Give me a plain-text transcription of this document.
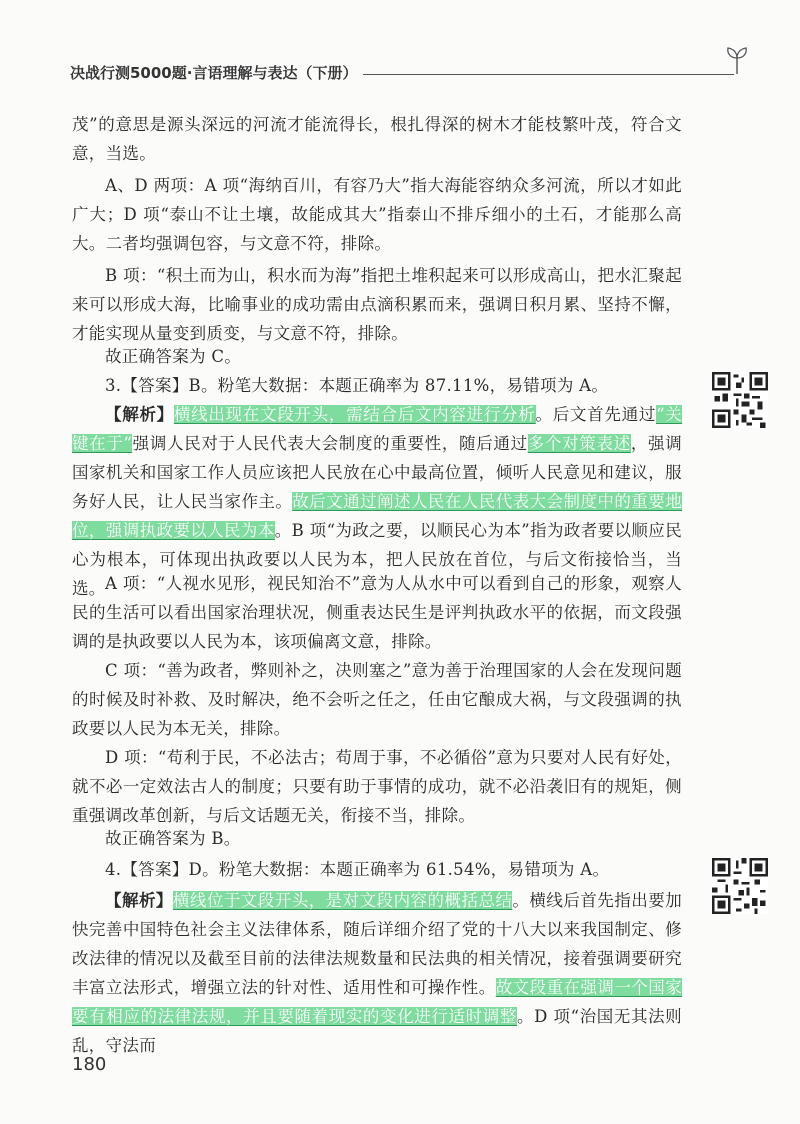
决战行测5000题·言语理解与表达（下册）

茂”的意思是源头深远的河流才能流得长，根扎得深的树木才能枝繁叶茂，符合文意，当选。

A、D 两项：A 项“海纳百川，有容乃大”指大海能容纳众多河流，所以才如此广大；D 项“泰山不让土壤，故能成其大”指泰山不排斥细小的土石，才能那么高大。二者均强调包容，与文意不符，排除。

B 项：“积土而为山，积水而为海”指把土堆积起来可以形成高山，把水汇聚起来可以形成大海，比喻事业的成功需由点滴积累而来，强调日积月累、坚持不懈，才能实现从量变到质变，与文意不符，排除。

故正确答案为 C。

3.【答案】B。粉笔大数据：本题正确率为 87.11%，易错项为 A。

【解析】横线出现在文段开头，需结合后文内容进行分析。后文首先通过“关键在于”强调人民对于人民代表大会制度的重要性，随后通过多个对策表述，强调国家机关和国家工作人员应该把人民放在心中最高位置，倾听人民意见和建议，服务好人民，让人民当家作主。故后文通过阐述人民在人民代表大会制度中的重要地位，强调执政要以人民为本。B 项“为政之要，以顺民心为本”指为政者要以顺应民心为根本，可体现出执政要以人民为本，把人民放在首位，与后文衔接恰当，当选。 A 项：“人视水见形，视民知治不”意为人从水中可以看到自己的形象，观察人民的生活可以看出国家治理状况，侧重表达民生是评判执政水平的依据，而文段强调的是执政要以人民为本，该项偏离文意，排除。

C 项：“善为政者，弊则补之，决则塞之”意为善于治理国家的人会在发现问题的时候及时补救、及时解决，绝不会听之任之，任由它酿成大祸，与文段强调的执政要以人民为本无关，排除。

D 项：“苟利于民，不必法古；苟周于事，不必循俗”意为只要对人民有好处，就不必一定效法古人的制度；只要有助于事情的成功，就不必沿袭旧有的规矩，侧重强调改革创新，与后文话题无关，衔接不当，排除。

故正确答案为 B。

4.【答案】D。粉笔大数据：本题正确率为 61.54%，易错项为 A。

【解析】横线位于文段开头，是对文段内容的概括总结。横线后首先指出要加快完善中国特色社会主义法律体系，随后详细介绍了党的十八大以来我国制定、修改法律的情况以及截至目前的法律法规数量和民法典的相关情况，接着强调要研究丰富立法形式，增强立法的针对性、适用性和可操作性。故文段重在强调一个国家要有相应的法律法规，并且要随着现实的变化进行适时调整。D 项“治国无其法则乱，守法而

180
